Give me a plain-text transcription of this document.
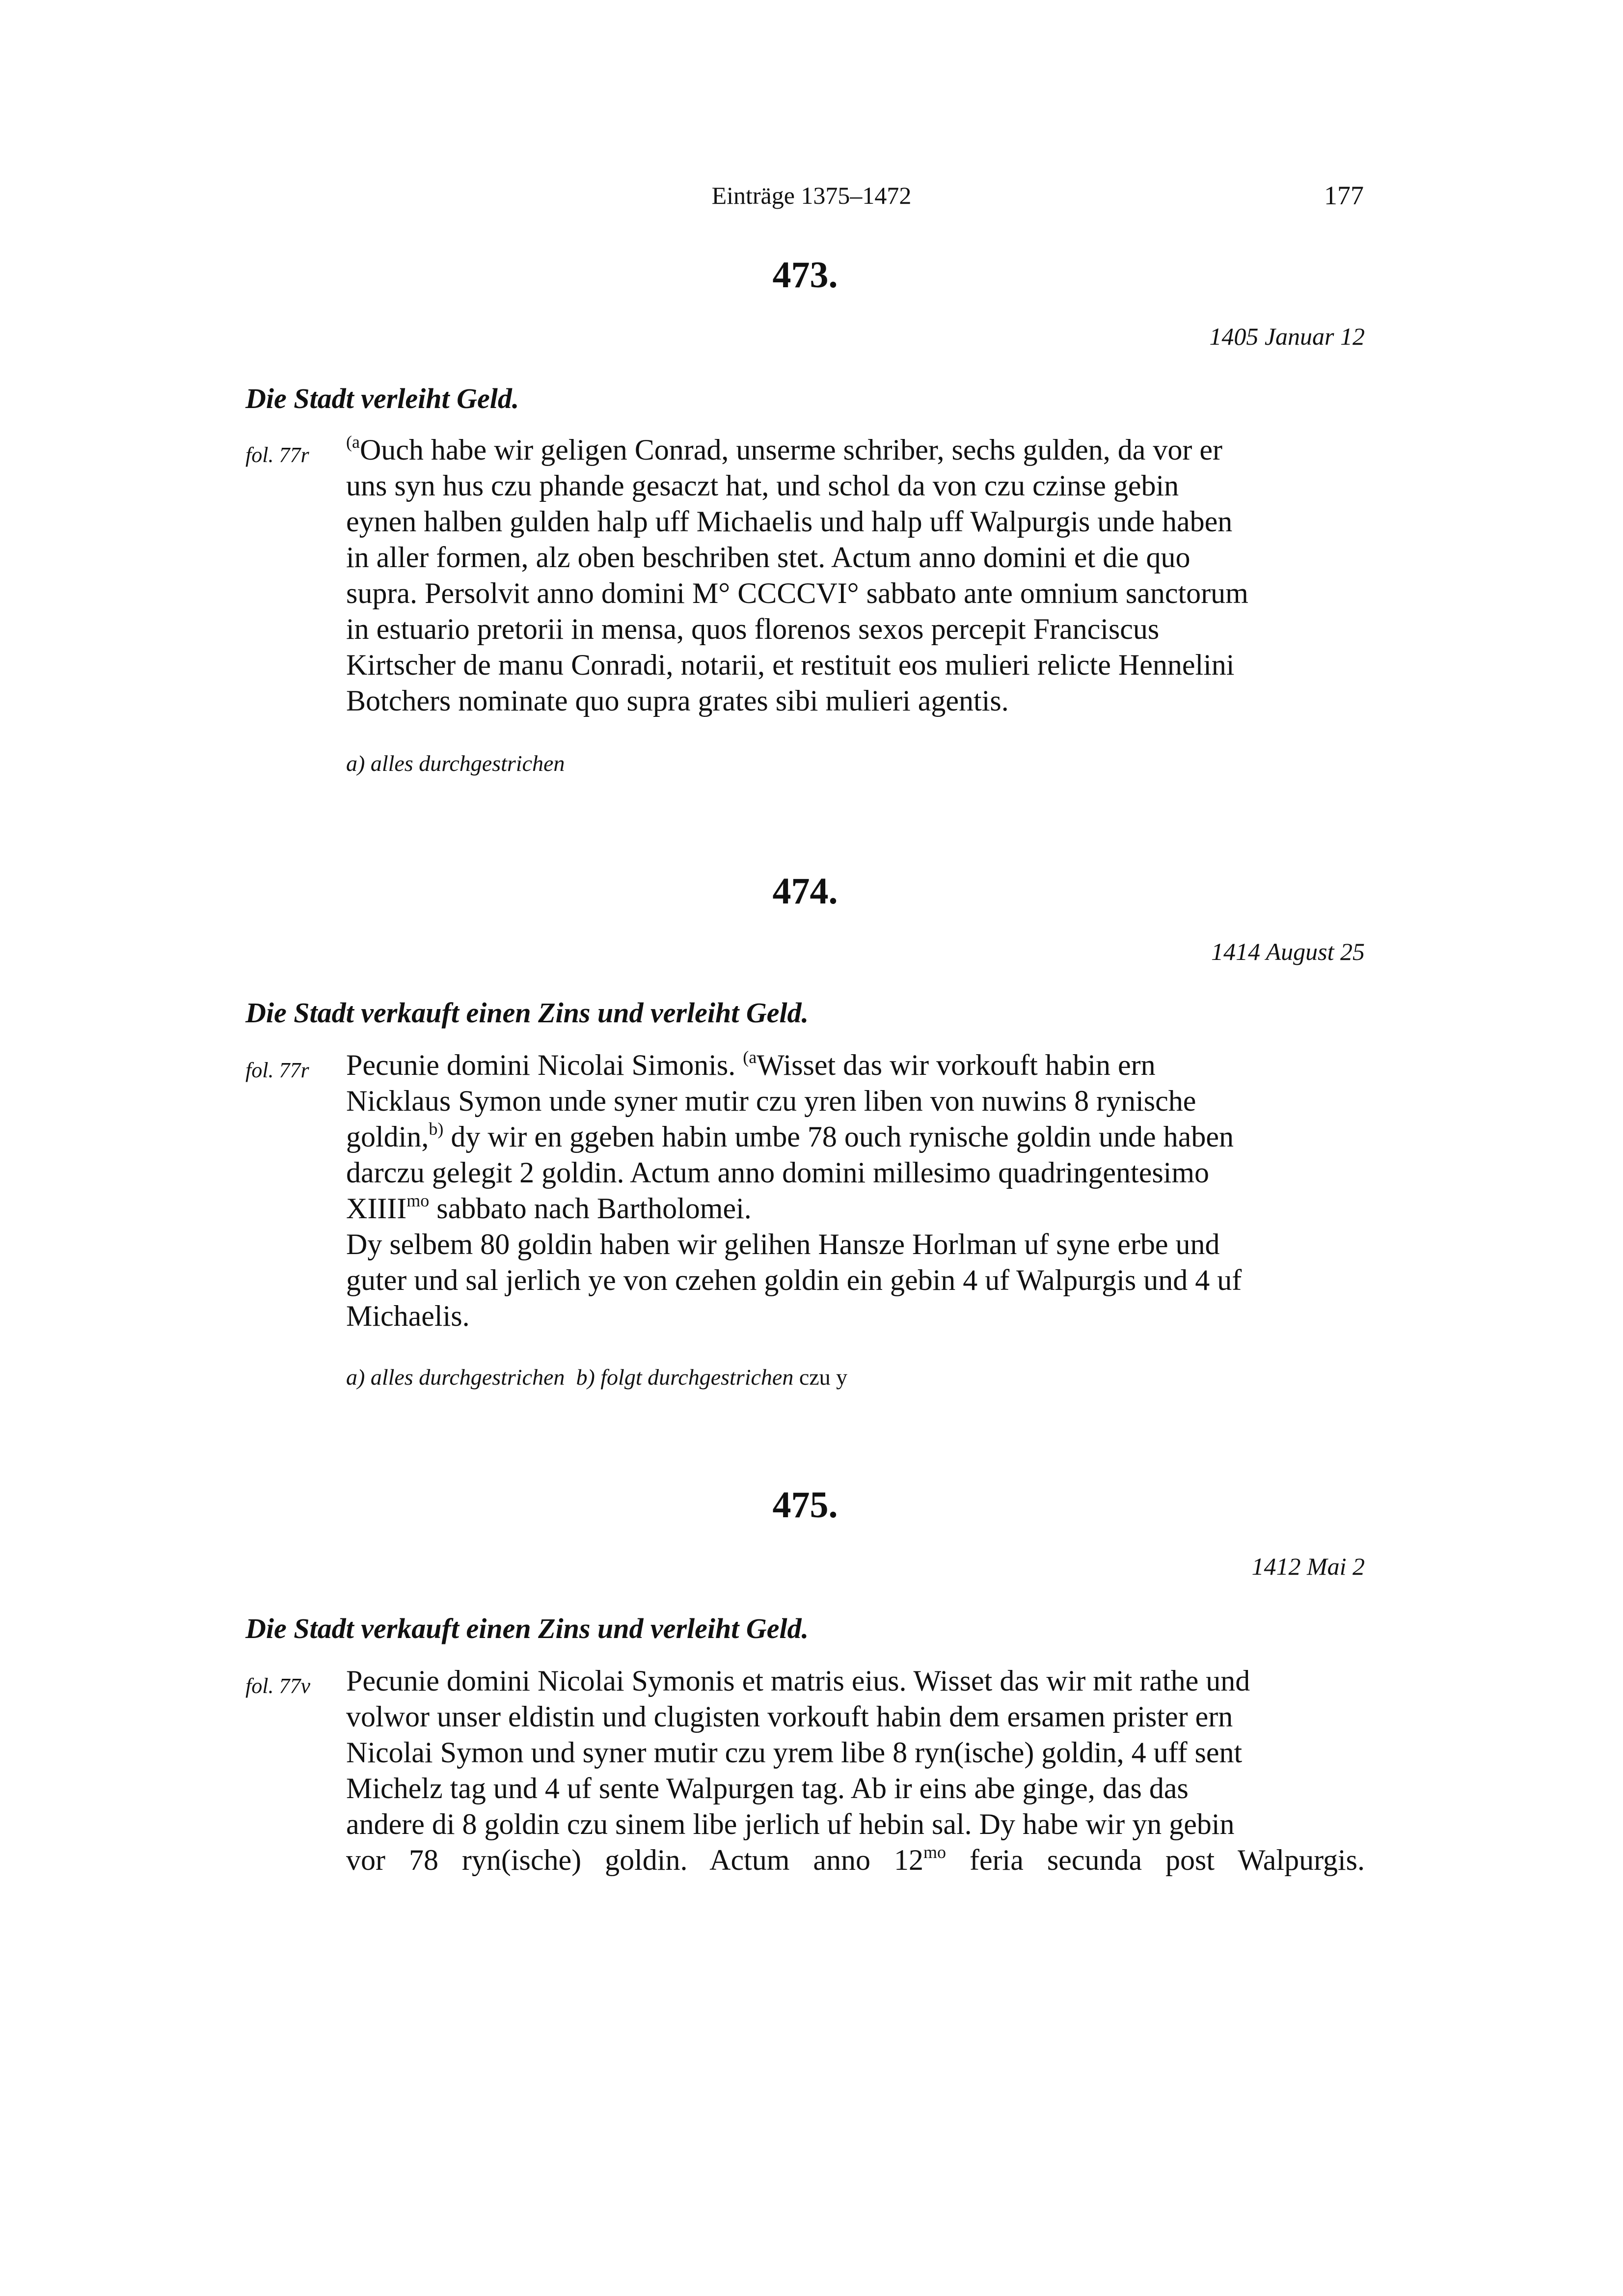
Einträge 1375–1472	177
473.
1405 Januar 12
Die Stadt verleiht Geld.
fol. 77r

$^{(a}$Ouch habe wir geligen Conrad, unserme schriber, sechs gulden, da vor er

uns syn hus czu phande gesaczt hat, und schol da von czu czinse gebin

eynen halben gulden halp uff Michaelis und halp uff Walpurgis unde haben

in aller formen, alz oben beschriben stet. Actum anno domini et die quo

supra. Persolvit anno domini M° CCCCVI° sabbato ante omnium sanctorum

in estuario pretorii in mensa, quos florenos sexos percepit Franciscus

Kirtscher de manu Conradi, notarii, et restituit eos mulieri relicte Hennelini

Botchers nominate quo supra grates sibi mulieri agentis.

a) alles durchgestrichen
474.
1414 August 25
Die Stadt verkauft einen Zins und verleiht Geld.
fol. 77r Pecunie domini Nicolai Simonis. $^{(a}$Wisset das wir vorkouft habin ern

Nicklaus Symon unde syner mutir czu yren liben von nuwins 8 rynische

goldin,$^{b)}$ dy wir en ggeben habin umbe 78 ouch rynische goldin unde haben

darczu gelegit 2 goldin. Actum anno domini millesimo quadringentesimo

$XIIII^{mo}$ sabbato nach Bartholomei.

Dy selbem 80 goldin haben wir gelihen Hansze Horlman uf syne erbe und

guter und sal jerlich ye von czehen goldin ein gebin 4 uf Walpurgis und 4 uf

Michaelis.

a) alles durchgestrichen b) folgt durchgestrichen czu y
475.
1412 Mai 2
Die Stadt verkauft einen Zins und verleiht Geld.
fol. 77v Pecunie domini Nicolai Symonis et matris eius. Wisset das wir mit rathe und

volwor unser eldistin und clugisten vorkouft habin dem ersamen prister ern

Nicolai Symon und syner mutir czu yrem libe 8 ryn(ische) goldin, 4 uff sent

Michelz tag und 4 uf sente Walpurgen tag. Ab ir eins abe ginge, das das

andere di 8 goldin czu sinem libe jerlich uf hebin sal. Dy habe wir yn gebin

vor 78 ryn(ische) goldin. Actum anno $12^{mo}$ feria secunda post Walpurgis.
